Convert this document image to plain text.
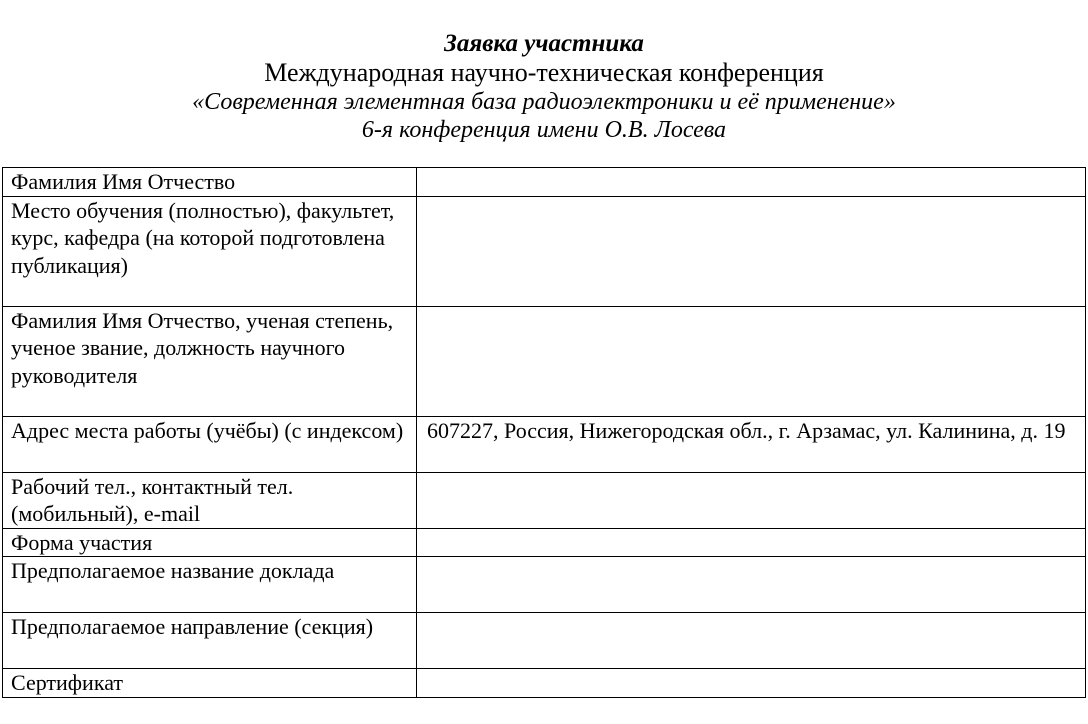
Заявка участника
Международная научно-техническая конференция
«Современная элементная база радиоэлектроники и её применение»
6-я конференция имени О.В. Лосева
Фамилия Имя Отчество	
Место обучения (полностью), факультет, курс, кафедра (на которой подготовлена публикация)	
Фамилия Имя Отчество, ученая степень, ученое звание, должность научного руководителя	
Адрес места работы (учёбы) (с индексом)	607227, Россия, Нижегородская обл., г. Арзамас, ул. Калинина, д. 19
Рабочий тел., контактный тел. (мобильный), e-mail	
Форма участия	
Предполагаемое название доклада	
Предполагаемое направление (секция)	
Сертификат	
